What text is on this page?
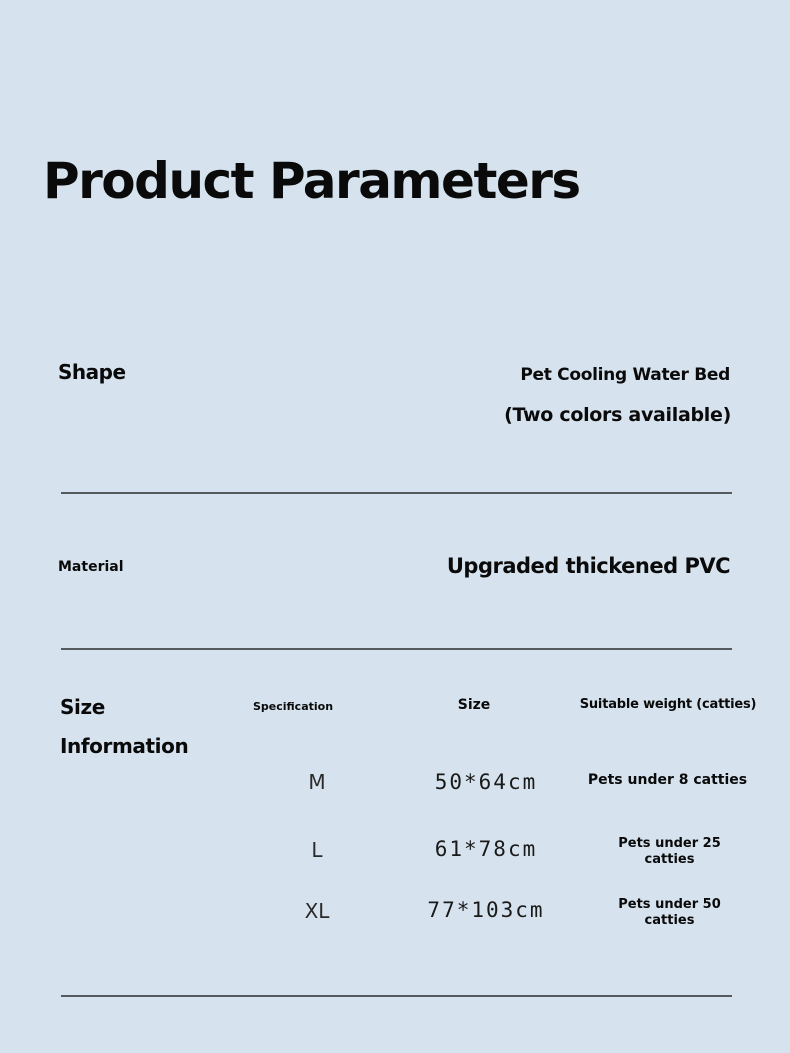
Product Parameters
Shape	Pet Cooling Water Bed
(Two colors available)
Material	Upgraded thickened PVC
Size
Information
Specification	Size	Suitable weight (catties)
M	50*64cm	Pets under 8 catties
L	61*78cm	Pets under 25 catties
XL	77*103cm	Pets under 50 catties
